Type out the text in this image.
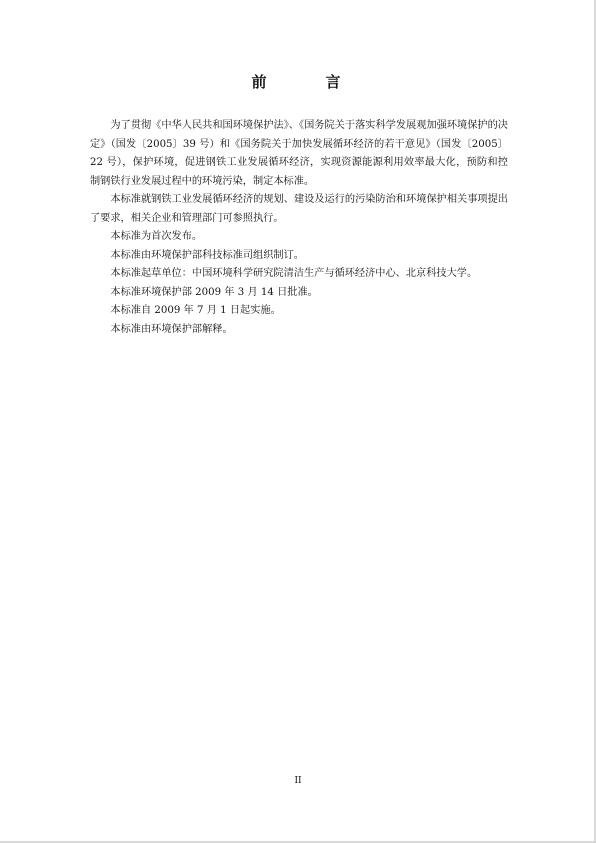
前　言

为了贯彻《中华人民共和国环境保护法》、《国务院关于落实科学发展观加强环境保护的决定》（国发〔2005〕39 号）和《国务院关于加快发展循环经济的若干意见》（国发〔2005〕22 号），保护环境，促进钢铁工业发展循环经济，实现资源能源利用效率最大化，预防和控制钢铁行业发展过程中的环境污染，制定本标准。

本标准就钢铁工业发展循环经济的规划、建设及运行的污染防治和环境保护相关事项提出了要求，相关企业和管理部门可参照执行。

本标准为首次发布。

本标准由环境保护部科技标准司组织制订。

本标准起草单位：中国环境科学研究院清洁生产与循环经济中心、北京科技大学。

本标准环境保护部 2009 年 3 月 14 日批准。

本标准自 2009 年 7 月 1 日起实施。

本标准由环境保护部解释。

II
